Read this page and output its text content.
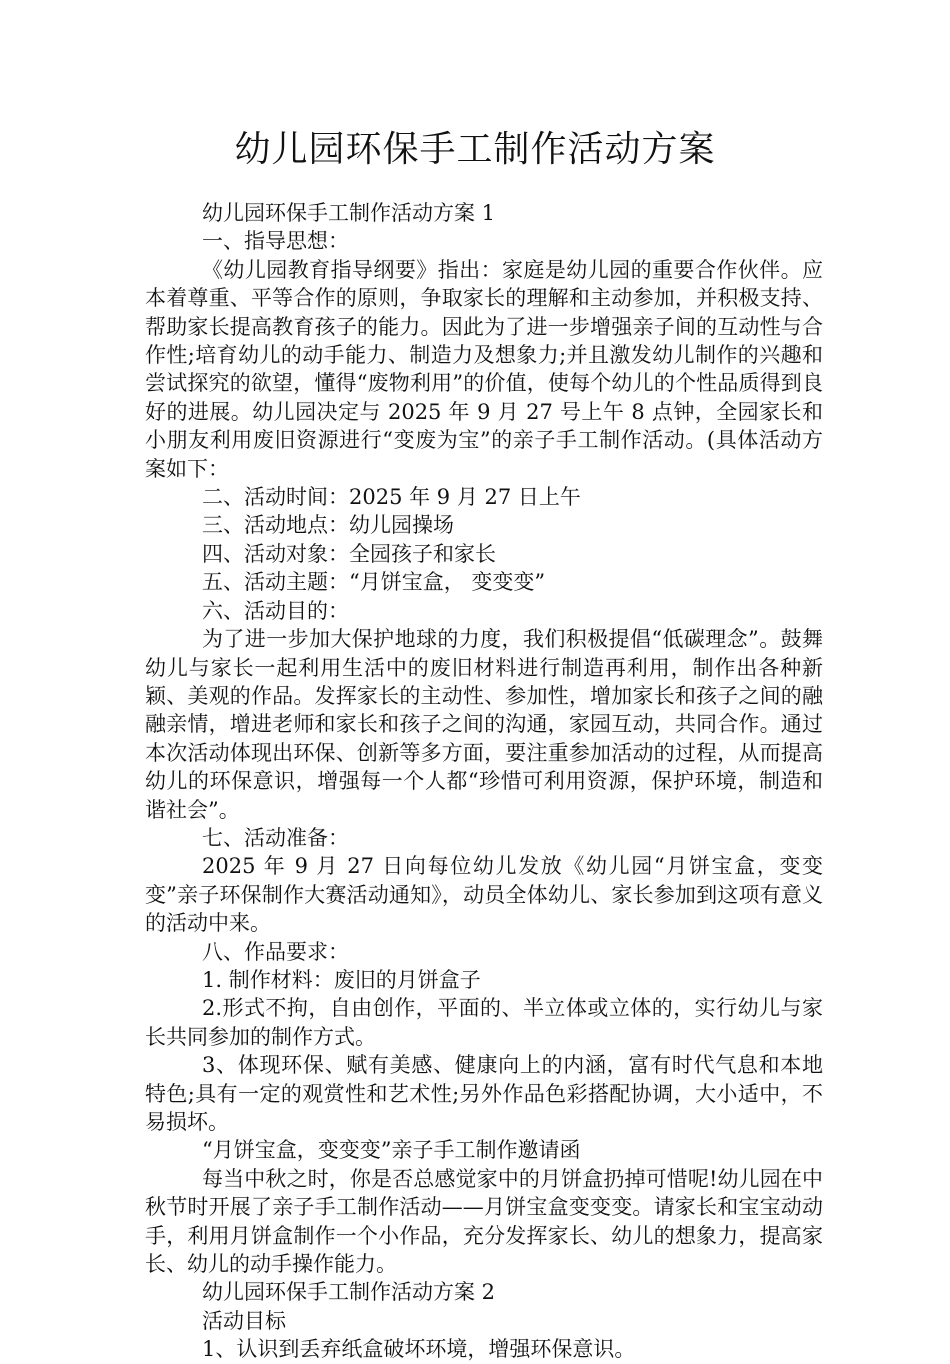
幼儿园环保手工制作活动方案

幼儿园环保手工制作活动方案 1

一、指导思想：

《幼儿园教育指导纲要》指出：家庭是幼儿园的重要合作伙伴。应本着尊重、平等合作的原则，争取家长的理解和主动参加，并积极支持、帮助家长提高教育孩子的能力。因此为了进一步增强亲子间的互动性与合作性;培育幼儿的动手能力、制造力及想象力;并且激发幼儿制作的兴趣和尝试探究的欲望，懂得“废物利用”的价值，使每个幼儿的个性品质得到良好的进展。幼儿园决定与 2025 年 9 月 27 号上午 8 点钟，全园家长和小朋友利用废旧资源进行“变废为宝”的亲子手工制作活动。(具体活动方案如下：

二、活动时间：2025 年 9 月 27 日上午

三、活动地点：幼儿园操场

四、活动对象：全园孩子和家长

五、活动主题：“月饼宝盒， 变变变”

六、活动目的：

为了进一步加大保护地球的力度，我们积极提倡“低碳理念”。鼓舞幼儿与家长一起利用生活中的废旧材料进行制造再利用，制作出各种新颖、美观的作品。发挥家长的主动性、参加性，增加家长和孩子之间的融融亲情，增进老师和家长和孩子之间的沟通，家园互动，共同合作。通过本次活动体现出环保、创新等多方面，要注重参加活动的过程，从而提高幼儿的环保意识，增强每一个人都“珍惜可利用资源，保护环境，制造和谐社会”。

七、活动准备：

2025 年 9 月 27 日向每位幼儿发放《幼儿园“月饼宝盒，变变变”亲子环保制作大赛活动通知》，动员全体幼儿、家长参加到这项有意义的活动中来。

八、作品要求：

1. 制作材料：废旧的月饼盒子

2.形式不拘，自由创作，平面的、半立体或立体的，实行幼儿与家长共同参加的制作方式。

3、体现环保、赋有美感、健康向上的内涵，富有时代气息和本地特色;具有一定的观赏性和艺术性;另外作品色彩搭配协调，大小适中，不易损坏。

“月饼宝盒，变变变”亲子手工制作邀请函

每当中秋之时，你是否总感觉家中的月饼盒扔掉可惜呢!幼儿园在中秋节时开展了亲子手工制作活动——月饼宝盒变变变。请家长和宝宝动动手，利用月饼盒制作一个小作品，充分发挥家长、幼儿的想象力，提高家长、幼儿的动手操作能力。

幼儿园环保手工制作活动方案 2

活动目标

1、认识到丢弃纸盒破坏环境，增强环保意识。
